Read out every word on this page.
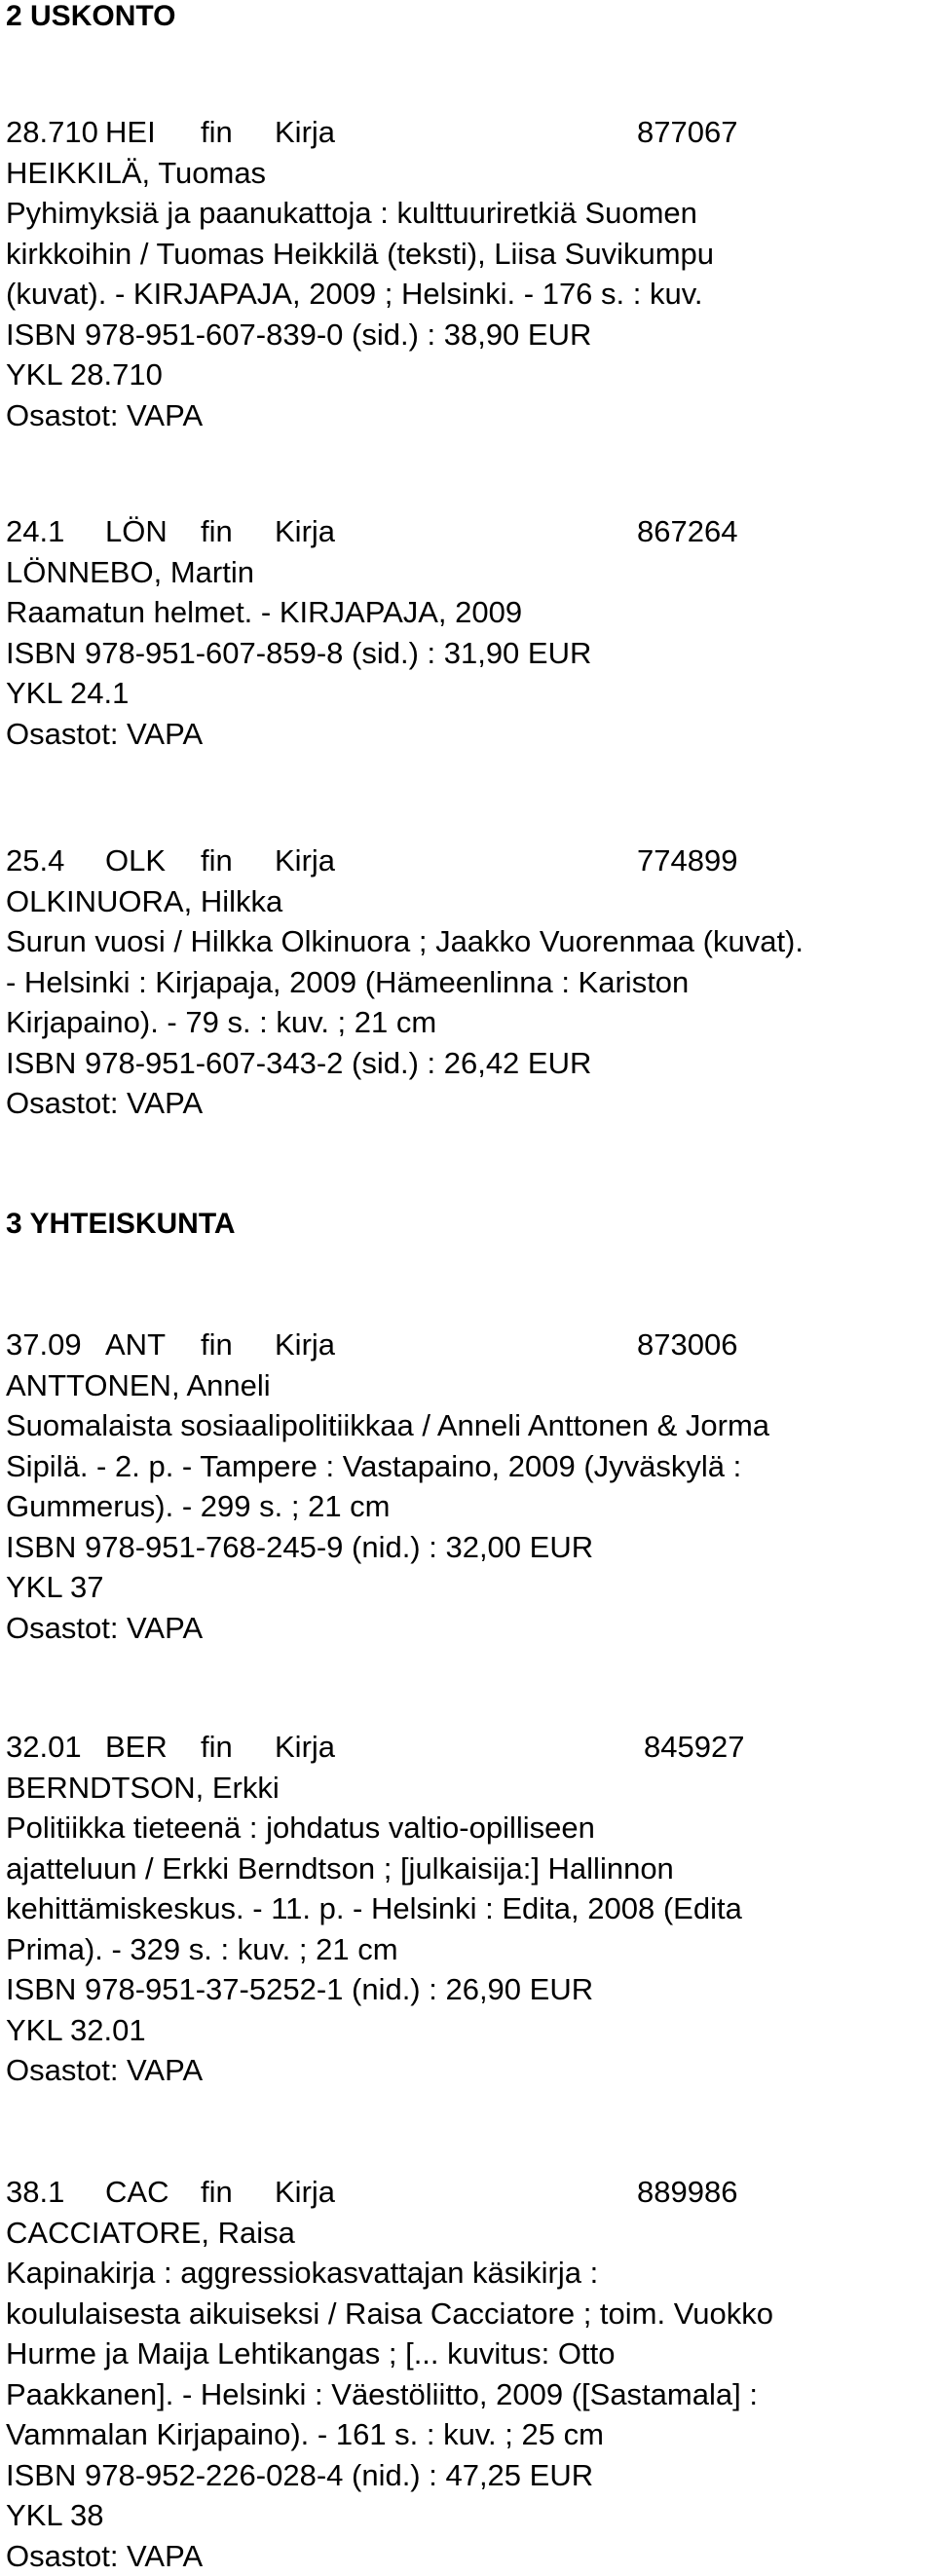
2 USKONTO
28.710 HEI fin Kirja	877067
HEIKKILÄ, Tuomas
Pyhimyksiä ja paanukattoja : kulttuuriretkiä Suomen
kirkkoihin / Tuomas Heikkilä (teksti), Liisa Suvikumpu
(kuvat). - KIRJAPAJA, 2009 ; Helsinki. - 176 s. : kuv.
ISBN 978-951-607-839-0 (sid.) : 38,90 EUR
YKL 28.710
Osastot: VAPA
24.1 LÖN fin Kirja	867264
LÖNNEBO, Martin
Raamatun helmet. - KIRJAPAJA, 2009
ISBN 978-951-607-859-8 (sid.) : 31,90 EUR
YKL 24.1
Osastot: VAPA
25.4 OLK fin Kirja	774899
OLKINUORA, Hilkka
Surun vuosi / Hilkka Olkinuora ; Jaakko Vuorenmaa (kuvat).
- Helsinki : Kirjapaja, 2009 (Hämeenlinna : Kariston
Kirjapaino). - 79 s. : kuv. ; 21 cm
ISBN 978-951-607-343-2 (sid.) : 26,42 EUR
Osastot: VAPA
3 YHTEISKUNTA
37.09 ANT fin Kirja	873006
ANTTONEN, Anneli
Suomalaista sosiaalipolitiikkaa / Anneli Anttonen & Jorma
Sipilä. - 2. p. - Tampere : Vastapaino, 2009 (Jyväskylä :
Gummerus). - 299 s. ; 21 cm
ISBN 978-951-768-245-9 (nid.) : 32,00 EUR
YKL 37
Osastot: VAPA
32.01 BER fin Kirja	845927
BERNDTSON, Erkki
Politiikka tieteenä : johdatus valtio-opilliseen
ajatteluun / Erkki Berndtson ; [julkaisija:] Hallinnon
kehittämiskeskus. - 11. p. - Helsinki : Edita, 2008 (Edita
Prima). - 329 s. : kuv. ; 21 cm
ISBN 978-951-37-5252-1 (nid.) : 26,90 EUR
YKL 32.01
Osastot: VAPA
38.1 CAC fin Kirja	889986
CACCIATORE, Raisa
Kapinakirja : aggressiokasvattajan käsikirja :
koululaisesta aikuiseksi / Raisa Cacciatore ; toim. Vuokko
Hurme ja Maija Lehtikangas ; [... kuvitus: Otto
Paakkanen]. - Helsinki : Väestöliitto, 2009 ([Sastamala] :
Vammalan Kirjapaino). - 161 s. : kuv. ; 25 cm
ISBN 978-952-226-028-4 (nid.) : 47,25 EUR
YKL 38
Osastot: VAPA
